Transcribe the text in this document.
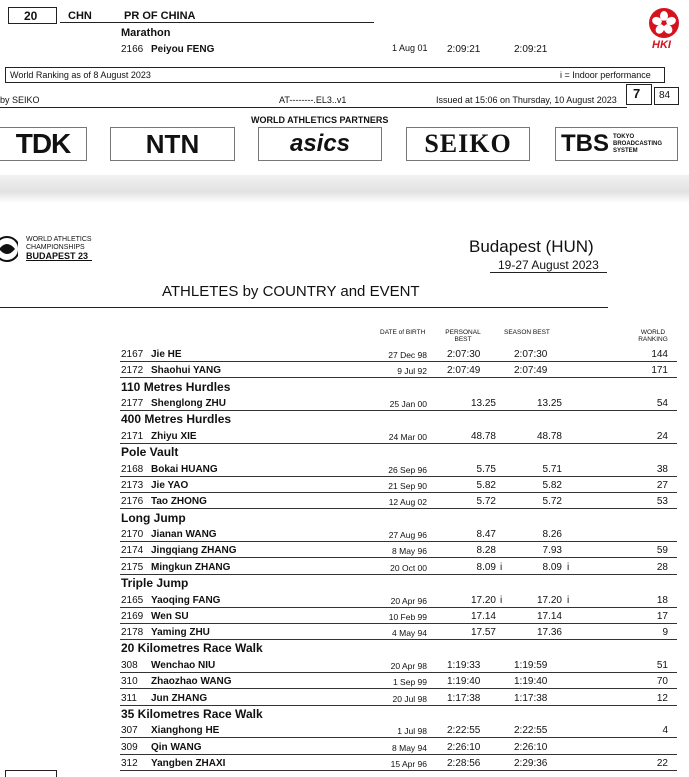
20	CHN	PR OF CHINA
Marathon
2166 Peiyou FENG	1 Aug 01 2:09:21	2:09:21	HKI
World Ranking as of 8 August 2023	i = Indoor performance
by SEIKO	AT--------.EL3..v1	Issued at 15:06 on Thursday, 10 August 2023 7 84
WORLD ATHLETICS PARTNERS
TDK	NTN	asics	SEIKO TBS TOKYO
BROADCASTING
SYSTEM
WORLD ATHLETICS
CHAMPIONSHIPS
BUDAPEST 23	Budapest (HUN)
19-27 August 2023
ATHLETES by COUNTRY and EVENT
DATE of BIRTH	PERSONAL
BEST
SEASON BEST	WORLD
RANKING
2167 Jie HE	27 Dec 98 2:07:30	2:07:30	144
2172 Shaohui YANG	9 Jul 92 2:07:49	2:07:49	171
110 Metres Hurdles
2177 Shenglong ZHU	25 Jan 00	13.25	13.25	54
400 Metres Hurdles
2171 Zhiyu XIE	24 Mar 00	48.78	48.78	24
Pole Vault
2168 Bokai HUANG	26 Sep 96	5.75	5.71	38
2173 Jie YAO	21 Sep 90	5.82	5.82	27
2176 Tao ZHONG	12 Aug 02	5.72	5.72	53
Long Jump
2170 Jianan WANG	27 Aug 96	8.47	8.26
2174 Jingqiang ZHANG	8 May 96	8.28	7.93	59
2175 Mingkun ZHANG	20 Oct 00	8.09 i	8.09 i	28
Triple Jump
2165 Yaoqing FANG	20 Apr 96	17.20 i	17.20 i	18
2169 Wen SU	10 Feb 99	17.14	17.14	17
2178 Yaming ZHU	4 May 94	17.57	17.36	9
20 Kilometres Race Walk
308 Wenchao NIU	20 Apr 98 1:19:33	1:19:59	51
310 Zhaozhao WANG	1 Sep 99 1:19:40	1:19:40	70
311 Jun ZHANG	20 Jul 98 1:17:38	1:17:38	12
35 Kilometres Race Walk
307 Xianghong HE	1 Jul 98 2:22:55	2:22:55	4
309 Qin WANG	8 May 94 2:26:10	2:26:10
312 Yangben ZHAXI	15 Apr 96 2:28:56	2:29:36	22
